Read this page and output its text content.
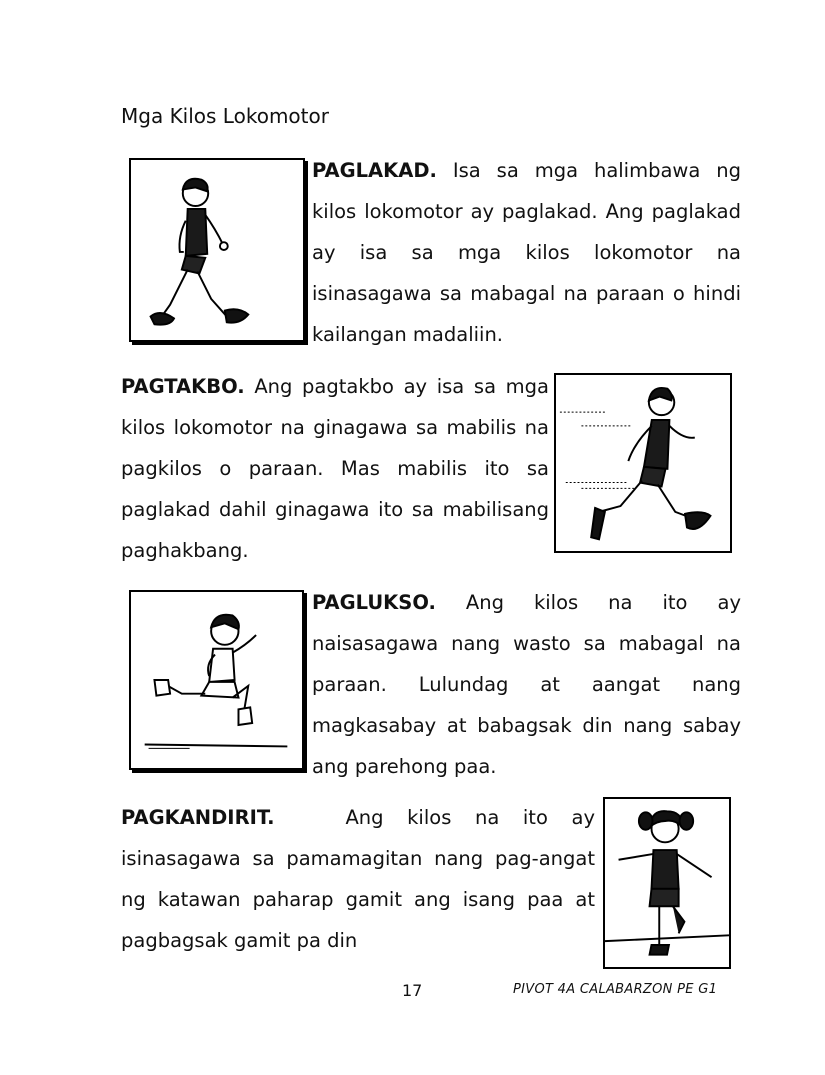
Mga Kilos Lokomotor

PAGLAKAD. Isa sa mga halimbawa ng kilos lokomotor ay paglakad. Ang paglakad ay isa sa mga kilos lokomotor na isinasagawa sa mabagal na paraan o hindi kailangan madaliin.

PAGTAKBO. Ang pagtakbo ay isa sa mga kilos lokomotor na ginagawa sa mabilis na pagkilos o paraan. Mas mabilis ito sa paglakad dahil ginagawa ito sa mabilisang paghakbang.

PAGLUKSO. Ang kilos na ito ay naisasagawa nang wasto sa mabagal na paraan. Lulundag at aangat nang magkasabay at babagsak din nang sabay ang parehong paa.

PAGKANDIRIT.   Ang kilos na ito ay isinasagawa sa pamamagitan nang pag-angat ng katawan paharap gamit ang isang paa at pagbagsak gamit pa din

17	PIVOT 4A CALABARZON PE G1
